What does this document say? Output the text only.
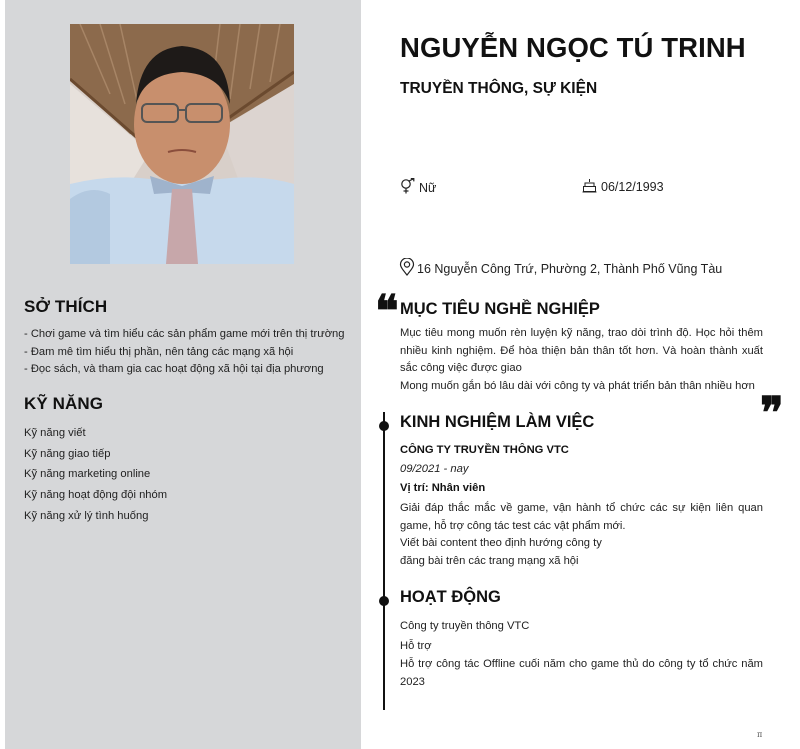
SỞ THÍCH
- Chơi game và tìm hiểu các sản phẩm game mới trên thị trường
- Đam mê tìm hiểu thị phần, nên tảng các mạng xã hội
- Đọc sách, và tham gia cac hoạt động xã hội tại địa phương
KỸ NĂNG
Kỹ năng viết
Kỹ năng giao tiếp
Kỹ năng marketing online
Kỹ năng hoạt động đội nhóm
Kỹ năng xử lý tình huống
NGUYỄN NGỌC TÚ TRINH
TRUYỀN THÔNG, SỰ KIỆN
Nữ	06/12/1993
16 Nguyễn Công Trứ, Phường 2, Thành Phố Vũng Tàu
❝ MỤC TIÊU NGHỀ NGHIỆP
Mục tiêu mong muốn rèn luyện kỹ năng, trao dòi trình độ. Học hỏi thêm nhiều kinh nghiệm. Để hòa thiện bản thân tốt hơn. Và hoàn thành xuất sắc công việc được giao
Mong muốn gắn bó lâu dài với công ty và phát triển bản thân nhiều hơn
❞
KINH NGHIỆM LÀM VIỆC
CÔNG TY TRUYỀN THÔNG VTC
09/2021 - nay
Vị trí: Nhân viên
Giải đáp thắc mắc về game, vận hành tổ chức các sự kiện liên quan game, hỗ trợ công tác test các vật phẩm mới.
Viết bài content theo định hướng công ty
đăng bài trên các trang mạng xã hội
HOẠT ĐỘNG
Công ty truyền thông VTC
Hỗ trợ
Hỗ trợ công tác Offline cuối năm cho game thủ do công ty tổ chức năm 2023
π
